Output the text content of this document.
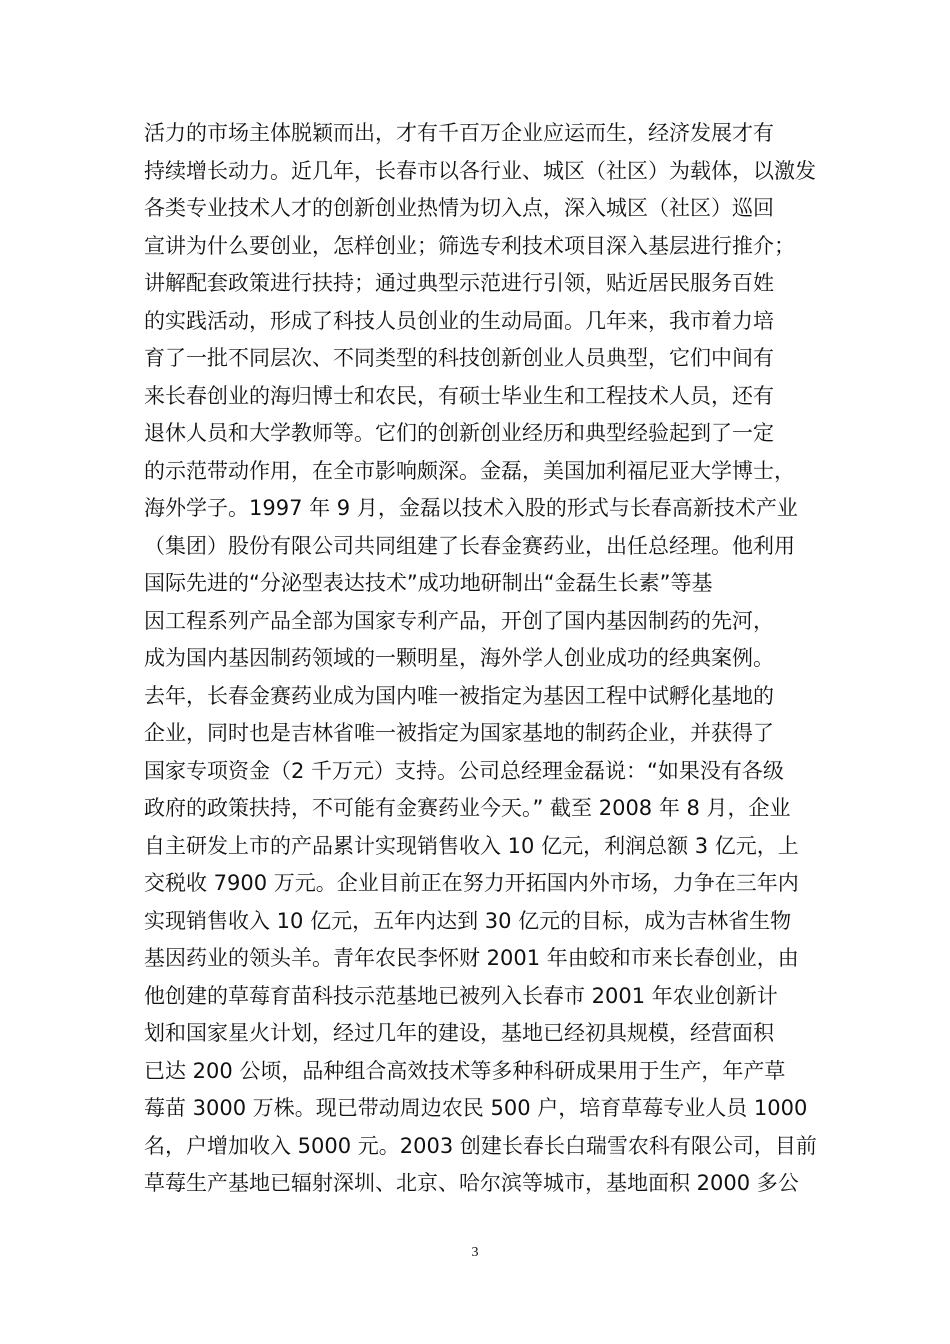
活力的市场主体脱颖而出，才有千百万企业应运而生，经济发展才有
持续增长动力。近几年，长春市以各行业、城区（社区）为载体，以激发
各类专业技术人才的创新创业热情为切入点，深入城区（社区）巡回
宣讲为什么要创业，怎样创业；筛选专利技术项目深入基层进行推介；
讲解配套政策进行扶持；通过典型示范进行引领，贴近居民服务百姓
的实践活动，形成了科技人员创业的生动局面。几年来，我市着力培
育了一批不同层次、不同类型的科技创新创业人员典型，它们中间有
来长春创业的海归博士和农民，有硕士毕业生和工程技术人员，还有
退休人员和大学教师等。它们的创新创业经历和典型经验起到了一定
的示范带动作用，在全市影响颇深。金磊，美国加利福尼亚大学博士，
海外学子。1997 年 9 月，金磊以技术入股的形式与长春高新技术产业
（集团）股份有限公司共同组建了长春金赛药业，出任总经理。他利用
国际先进的“分泌型表达技术”成功地研制出“金磊生长素”等基
因工程系列产品全部为国家专利产品，开创了国内基因制药的先河，
成为国内基因制药领域的一颗明星，海外学人创业成功的经典案例。
去年，长春金赛药业成为国内唯一被指定为基因工程中试孵化基地的
企业，同时也是吉林省唯一被指定为国家基地的制药企业，并获得了
国家专项资金（2 千万元）支持。公司总经理金磊说：“如果没有各级
政府的政策扶持，不可能有金赛药业今天。” 截至 2008 年 8 月，企业
自主研发上市的产品累计实现销售收入 10 亿元，利润总额 3 亿元，上
交税收 7900 万元。企业目前正在努力开拓国内外市场，力争在三年内
实现销售收入 10 亿元，五年内达到 30 亿元的目标，成为吉林省生物
基因药业的领头羊。青年农民李怀财 2001 年由蛟和市来长春创业，由
他创建的草莓育苗科技示范基地已被列入长春市 2001 年农业创新计
划和国家星火计划，经过几年的建设，基地已经初具规模，经营面积
已达 200 公顷，品种组合高效技术等多种科研成果用于生产，年产草
莓苗 3000 万株。现已带动周边农民 500 户，培育草莓专业人员 1000
名，户增加收入 5000 元。2003 创建长春长白瑞雪农科有限公司，目前
草莓生产基地已辐射深圳、北京、哈尔滨等城市，基地面积 2000 多公
3
